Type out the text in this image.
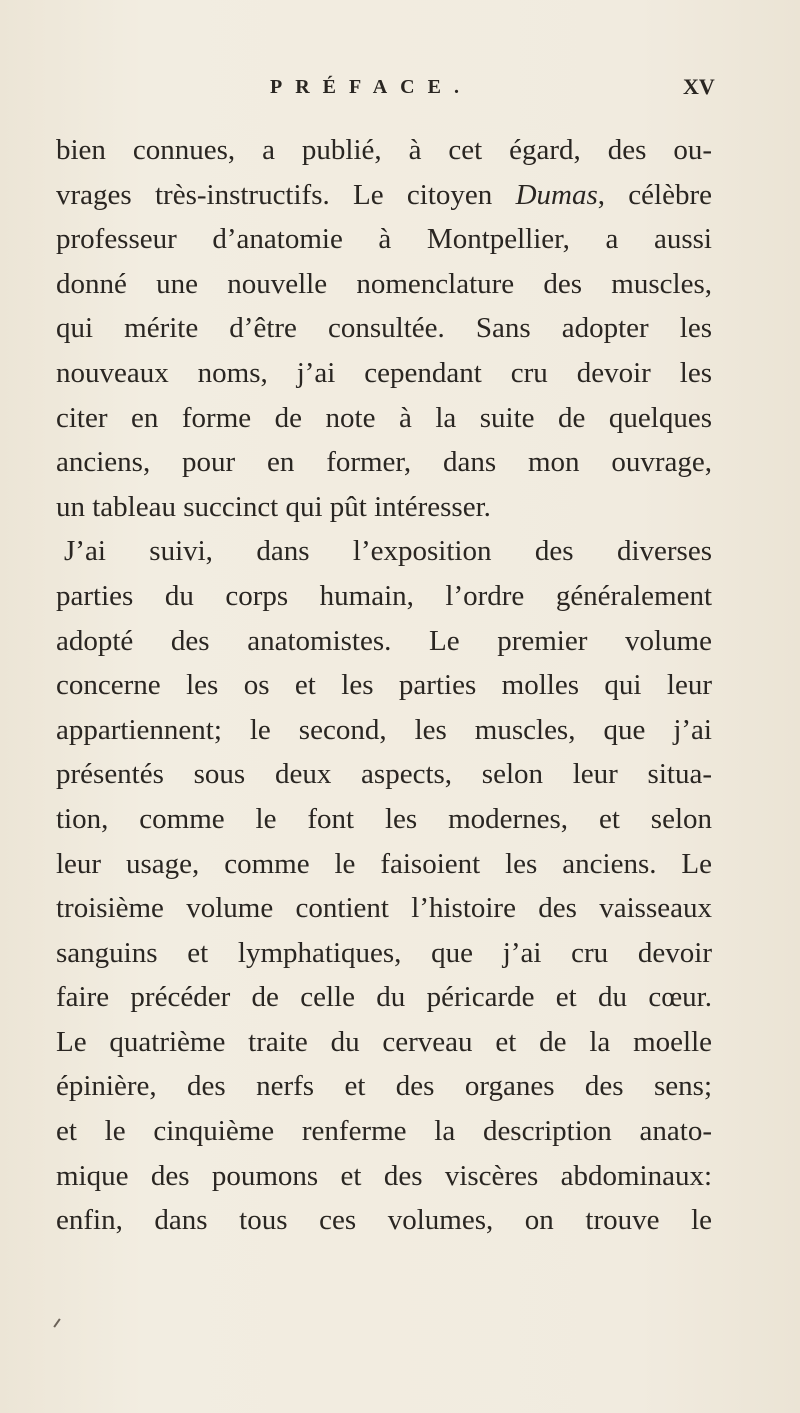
PRÉFACE.	XV
bien connues, a publié, à cet égard, des ou-
vrages très-instructifs. Le citoyen Dumas, célèbre
professeur d’anatomie à Montpellier, a aussi
donné une nouvelle nomenclature des muscles,
qui mérite d’être consultée. Sans adopter les
nouveaux noms, j’ai cependant cru devoir les
citer en forme de note à la suite de quelques
anciens, pour en former, dans mon ouvrage,
un tableau succinct qui pût intéresser.
J’ai suivi, dans l’exposition des diverses
parties du corps humain, l’ordre généralement
adopté des anatomistes. Le premier volume
concerne les os et les parties molles qui leur
appartiennent; le second, les muscles, que j’ai
présentés sous deux aspects, selon leur situa-
tion, comme le font les modernes, et selon
leur usage, comme le faisoient les anciens. Le
troisième volume contient l’histoire des vaisseaux
sanguins et lymphatiques, que j’ai cru devoir
faire précéder de celle du péricarde et du cœur.
Le quatrième traite du cerveau et de la moelle
épinière, des nerfs et des organes des sens;
et le cinquième renferme la description anato-
mique des poumons et des viscères abdominaux:
enfin, dans tous ces volumes, on trouve le
